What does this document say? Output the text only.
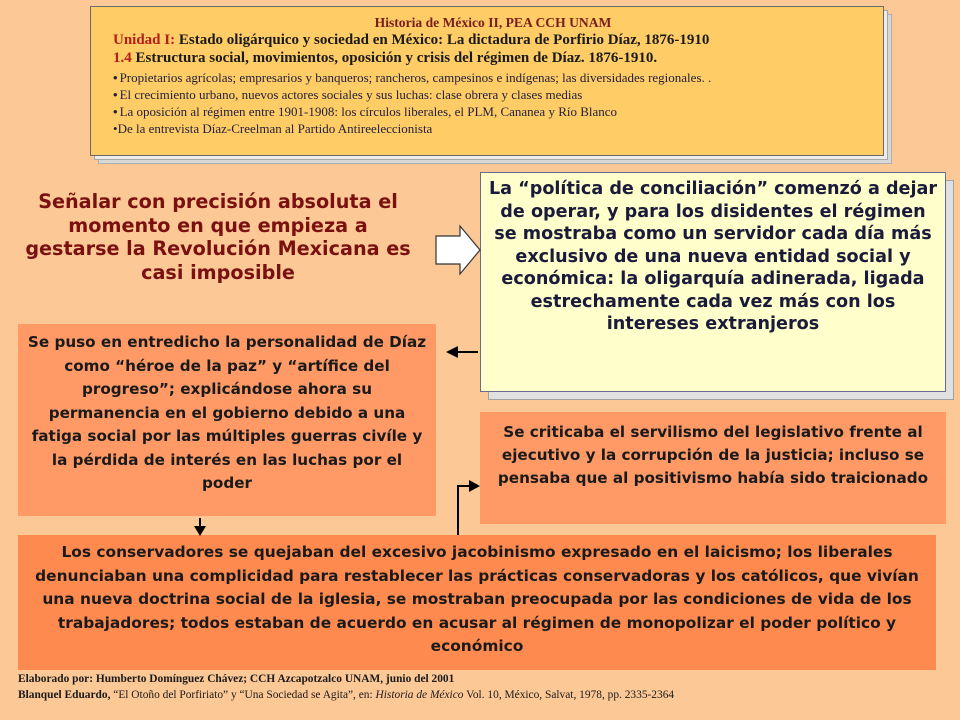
Historia de México II, PEA CCH UNAM
Unidad I: Estado oligárquico y sociedad en México: La dictadura de Porfirio Díaz, 1876-1910
1.4 Estructura social, movimientos, oposición y crisis del régimen de Díaz. 1876-1910.
• Propietarios agrícolas; empresarios y banqueros; rancheros, campesinos e indígenas; las diversidades regionales. .
• El crecimiento urbano, nuevos actores sociales y sus luchas: clase obrera y clases medias
• La oposición al régimen entre 1901-1908: los círculos liberales, el PLM, Cananea y Río Blanco
•De la entrevista Díaz-Creelman al Partido Antireeleccionista
Señalar con precisión absoluta el momento en que empieza a gestarse la Revolución Mexicana es casi imposible
La “política de conciliación” comenzó a dejar de operar, y para los disidentes el régimen se mostraba como un servidor cada día más exclusivo de una nueva entidad social y económica: la oligarquía adinerada, ligada estrechamente cada vez más con los intereses extranjeros
Se puso en entredicho la personalidad de Díaz como “héroe de la paz” y “artífice del progreso”; explicándose ahora su permanencia en el gobierno debido a una fatiga social por las múltiples guerras civíle y la pérdida de interés en las luchas por el poder
Se criticaba el servilismo del legislativo frente al ejecutivo y la corrupción de la justicia; incluso se pensaba que al positivismo había sido traicionado
Los conservadores se quejaban del excesivo jacobinismo expresado en el laicismo; los liberales denunciaban una complicidad para restablecer las prácticas conservadoras y los católicos, que vivían una nueva doctrina social de la iglesia, se mostraban preocupada por las condiciones de vida de los trabajadores; todos estaban de acuerdo en acusar al régimen de monopolizar el poder político y económico
Elaborado por: Humberto Domínguez Chávez; CCH Azcapotzalco UNAM, junio del 2001
Blanquel Eduardo, “El Otoño del Porfiriato” y “Una Sociedad se Agita”, en: Historia de México Vol. 10, México, Salvat, 1978, pp. 2335-2364
